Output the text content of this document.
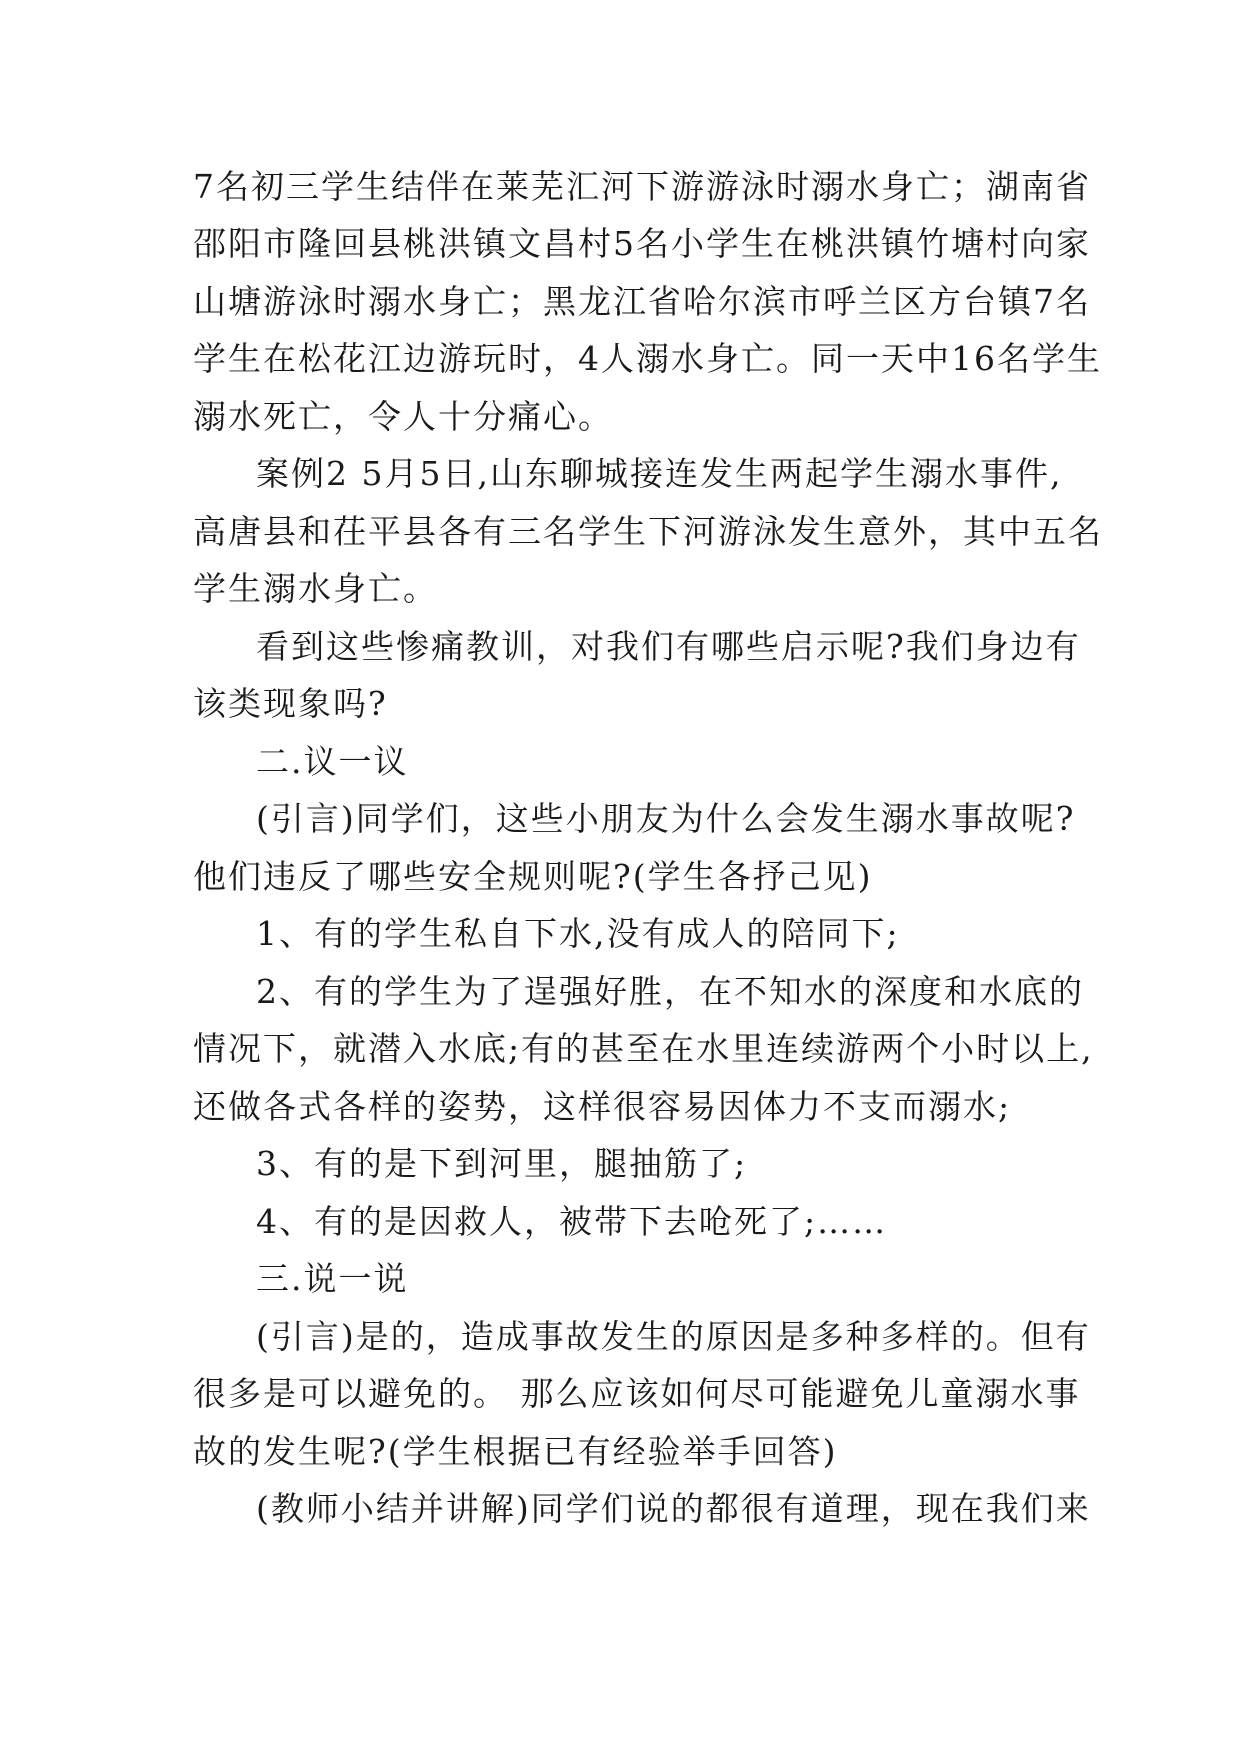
7名初三学生结伴在莱芜汇河下游游泳时溺水身亡；湖南省
邵阳市隆回县桃洪镇文昌村5名小学生在桃洪镇竹塘村向家
山塘游泳时溺水身亡；黑龙江省哈尔滨市呼兰区方台镇7名
学生在松花江边游玩时，4人溺水身亡。同一天中16名学生
溺水死亡，令人十分痛心。
案例2 5月5日,山东聊城接连发生两起学生溺水事件,
高唐县和茌平县各有三名学生下河游泳发生意外，其中五名
学生溺水身亡。
看到这些惨痛教训，对我们有哪些启示呢?我们身边有
该类现象吗?
二.议一议
(引言)同学们，这些小朋友为什么会发生溺水事故呢?
他们违反了哪些安全规则呢?(学生各抒己见)
1、有的学生私自下水,没有成人的陪同下;
2、有的学生为了逞强好胜，在不知水的深度和水底的
情况下，就潜入水底;有的甚至在水里连续游两个小时以上,
还做各式各样的姿势，这样很容易因体力不支而溺水;
3、有的是下到河里，腿抽筋了;
4、有的是因救人，被带下去呛死了;……
三.说一说
(引言)是的，造成事故发生的原因是多种多样的。但有
很多是可以避免的。 那么应该如何尽可能避免儿童溺水事
故的发生呢?(学生根据已有经验举手回答)
(教师小结并讲解)同学们说的都很有道理，现在我们来
